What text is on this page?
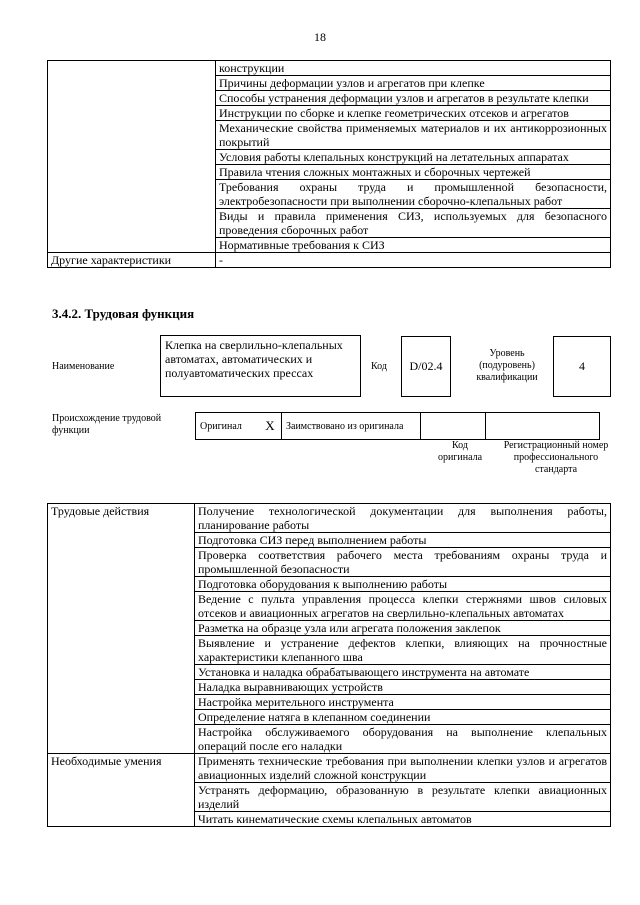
18
	конструкции
	Причины деформации узлов и агрегатов при клепке
	Способы устранения деформации узлов и агрегатов в результате клепки
	Инструкции по сборке и клепке геометрических отсеков и агрегатов
	Механические свойства применяемых материалов и их антикоррозионных покрытий
	Условия работы клепальных конструкций на летательных аппаратах
	Правила чтения сложных монтажных и сборочных чертежей
	Требования охраны труда и промышленной безопасности, электробезопасности при выполнении сборочно-клепальных работ
	Виды и правила применения СИЗ, используемых для безопасного проведения сборочных работ
	Нормативные требования к СИЗ
Другие характеристики	-
3.4.2. Трудовая функция
Наименование
Клепка на сверлильно-клепальных автоматах, автоматических и полуавтоматических прессах	Код D/02.4
Уровень (подуровень) квалификации
4
Происхождение трудовой функции	Оригинал	X	Заимствовано из оригинала		
Код оригинала
Регистрационный номер профессионального стандарта
Трудовые действия	Получение технологической документации для выполнения работы, планирование работы
	Подготовка СИЗ перед выполнением работы
	Проверка соответствия рабочего места требованиям охраны труда и промышленной безопасности
	Подготовка оборудования к выполнению работы
	Ведение с пульта управления процесса клепки стержнями швов силовых отсеков и авиационных агрегатов на сверлильно-клепальных автоматах
	Разметка на образце узла или агрегата положения заклепок
	Выявление и устранение дефектов клепки, влияющих на прочностные характеристики клепанного шва
	Установка и наладка обрабатывающего инструмента на автомате
	Наладка выравнивающих устройств
	Настройка мерительного инструмента
	Определение натяга в клепанном соединении
	Настройка обслуживаемого оборудования на выполнение клепальных операций после его наладки
Необходимые умения	Применять технические требования при выполнении клепки узлов и агрегатов авиационных изделий сложной конструкции
	Устранять деформацию, образованную в результате клепки авиационных изделий
	Читать кинематические схемы клепальных автоматов
